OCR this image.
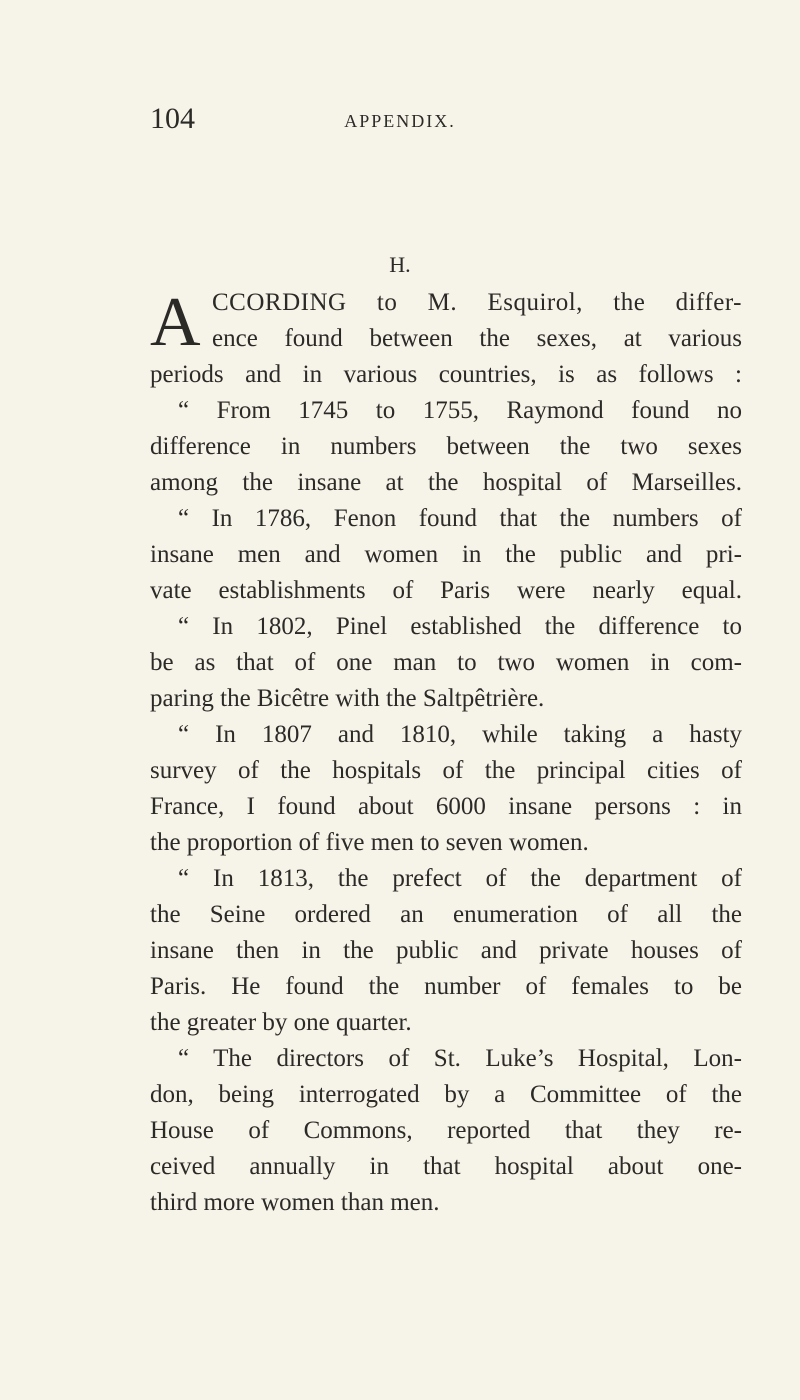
104	APPENDIX.
H.
A CCORDING to M. Esquirol, the differ-
ence found between the sexes, at various
periods and in various countries, is as follows :
“ From 1745 to 1755, Raymond found no
difference in numbers between the two sexes
among the insane at the hospital of Marseilles.
“ In 1786, Fenon found that the numbers of
insane men and women in the public and pri-
vate establishments of Paris were nearly equal.
“ In 1802, Pinel established the difference to
be as that of one man to two women in com-
paring the Bicêtre with the Saltpêtrière.
“ In 1807 and 1810, while taking a hasty
survey of the hospitals of the principal cities of
France, I found about 6000 insane persons : in
the proportion of five men to seven women.
“ In 1813, the prefect of the department of
the Seine ordered an enumeration of all the
insane then in the public and private houses of
Paris. He found the number of females to be
the greater by one quarter.
“ The directors of St. Luke’s Hospital, Lon-
don, being interrogated by a Committee of the
House of Commons, reported that they re-
ceived annually in that hospital about one-
third more women than men.
